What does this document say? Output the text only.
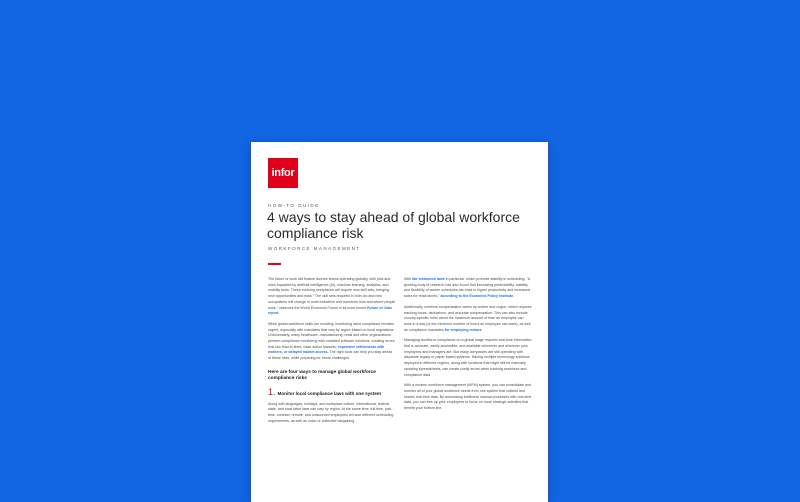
infor
HOW-TO GUIDE
4 ways to stay ahead of global workforce compliance risk
WORKFORCE MANAGEMENT

The future of work will feature diverse teams operating globally, with jobs and roles impacted by artificial intelligence (AI), machine learning, analytics, and mobility tools. These evolving workplaces will require new skill sets, bringing new opportunities and risks. "The skill sets required in both old and new occupations will change in most industries and transform how and where people work," observes the World Economic Forum in its most recent Future of Jobs report.

While global workforce skills are evolving, monitoring labor compliance remains urgent, especially with mandates that vary by region based on local regulations. Unfortunately, many healthcare, manufacturing, retail and other organizations perform compliance monitoring with outdated software solutions, creating errors that can lead to fines, class action lawsuits, expensive settlements with workers, or delayed market access. The right tools can help you stay ahead of these risks, while preparing for future challenges.

Here are four ways to manage global workforce compliance risks
1. Monitor local compliance laws with one system

Along with languages, holidays, and workplace culture, international, federal, state, and local labor laws can vary by region. At the same time, full-time, part-time, contract, remote, and outsourced employees all have different scheduling requirements, as well as union or collective bargaining

With fair workweek laws in particular, which promote stability in scheduling, "A growing body of research has also found that increasing predictability, stability, and flexibility of worker schedules can lead to higher productivity and increased sales for retail stores," according to the Economic Policy Institute.

Additionally, overtime compensation varies by worker and region, which requires tracking hours, deductions, and accurate compensation. This can also include country-specific rules about the maximum amount of time an employee can work in a day (or the minimum number of hours an employee can work), as well as compliance mandates for employing minors.

Managing workforce compliance on a global stage requires real-time information that is accurate, easily accessible, and available whenever and wherever your employees and managers are. But many companies are still operating with disparate legacy or paper-based systems. Having multiple technology solutions deployed in different regions, along with locations that might still be manually updating spreadsheets, can create costly errors when tracking workforce and compliance data.

With a modern workforce management (WFM) system, you can consolidate and monitor all of your global workforce needs from one system that collects and shares real-time data. By automating inefficient manual processes with real-time data, you can free up your employees to focus on more strategic activities that benefit your bottom line.
